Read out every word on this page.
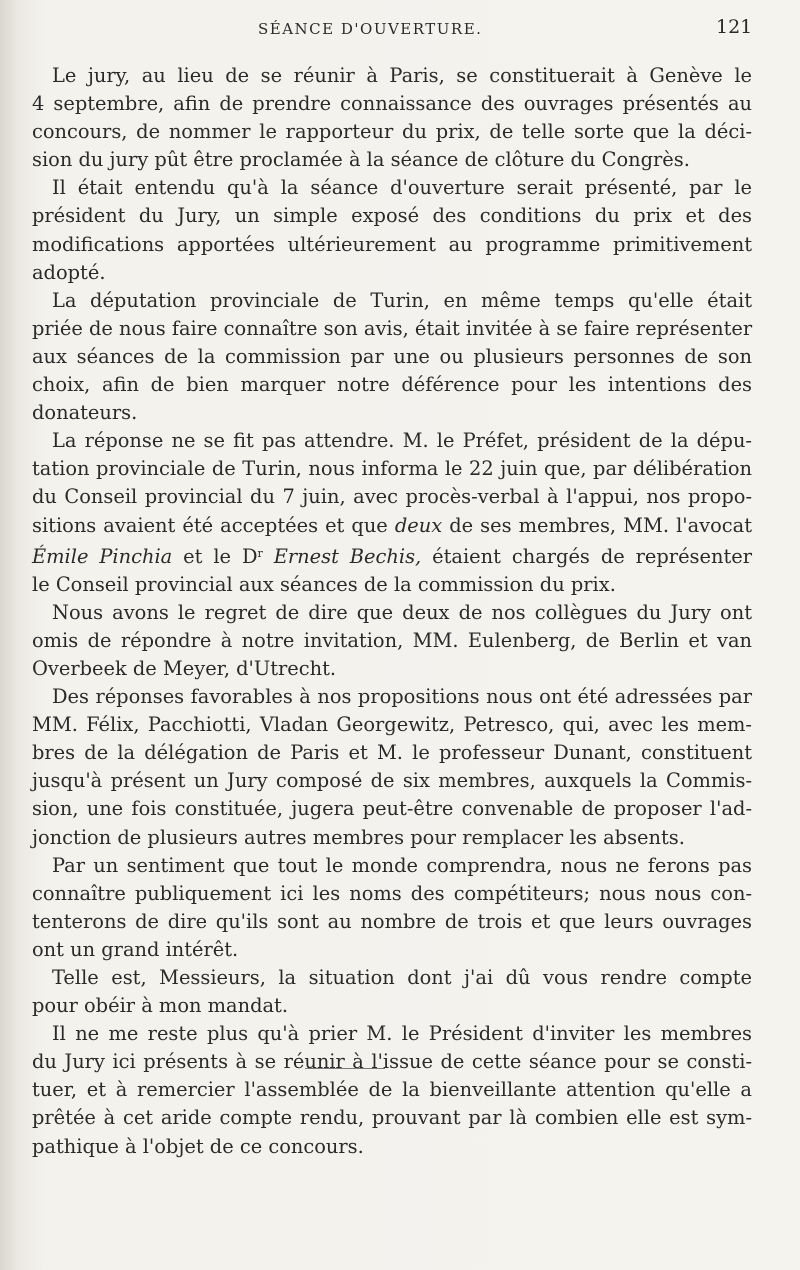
SÉANCE D'OUVERTURE.	121

Le jury, au lieu de se réunir à Paris, se constituerait à Genève le
4 septembre, afin de prendre connaissance des ouvrages présentés au
concours, de nommer le rapporteur du prix, de telle sorte que la déci-
sion du jury pût être proclamée à la séance de clôture du Congrès.

Il était entendu qu'à la séance d'ouverture serait présenté, par le
président du Jury, un simple exposé des conditions du prix et des
modifications apportées ultérieurement au programme primitivement
adopté.

La députation provinciale de Turin, en même temps qu'elle était
priée de nous faire connaître son avis, était invitée à se faire représenter
aux séances de la commission par une ou plusieurs personnes de son
choix, afin de bien marquer notre déférence pour les intentions des
donateurs.

La réponse ne se fit pas attendre. M. le Préfet, président de la dépu-
tation provinciale de Turin, nous informa le 22 juin que, par délibération
du Conseil provincial du 7 juin, avec procès-verbal à l'appui, nos propo-
sitions avaient été acceptées et que deux de ses membres, MM. l'avocat
Émile Pinchia et le $D^r$ Ernest Bechis, étaient chargés de représenter
le Conseil provincial aux séances de la commission du prix.

Nous avons le regret de dire que deux de nos collègues du Jury ont
omis de répondre à notre invitation, MM. Eulenberg, de Berlin et van
Overbeek de Meyer, d'Utrecht.

Des réponses favorables à nos propositions nous ont été adressées par
MM. Félix, Pacchiotti, Vladan Georgewitz, Petresco, qui, avec les mem-
bres de la délégation de Paris et M. le professeur Dunant, constituent
jusqu'à présent un Jury composé de six membres, auxquels la Commis-
sion, une fois constituée, jugera peut-être convenable de proposer l'ad-
jonction de plusieurs autres membres pour remplacer les absents.

Par un sentiment que tout le monde comprendra, nous ne ferons pas
connaître publiquement ici les noms des compétiteurs; nous nous con-
tenterons de dire qu'ils sont au nombre de trois et que leurs ouvrages
ont un grand intérêt.

Telle est, Messieurs, la situation dont j'ai dû vous rendre compte
pour obéir à mon mandat.

Il ne me reste plus qu'à prier M. le Président d'inviter les membres
du Jury ici présents à se réunir à l'issue de cette séance pour se consti-
tuer, et à remercier l'assemblée de la bienveillante attention qu'elle a
prêtée à cet aride compte rendu, prouvant par là combien elle est sym-
pathique à l'objet de ce concours.
